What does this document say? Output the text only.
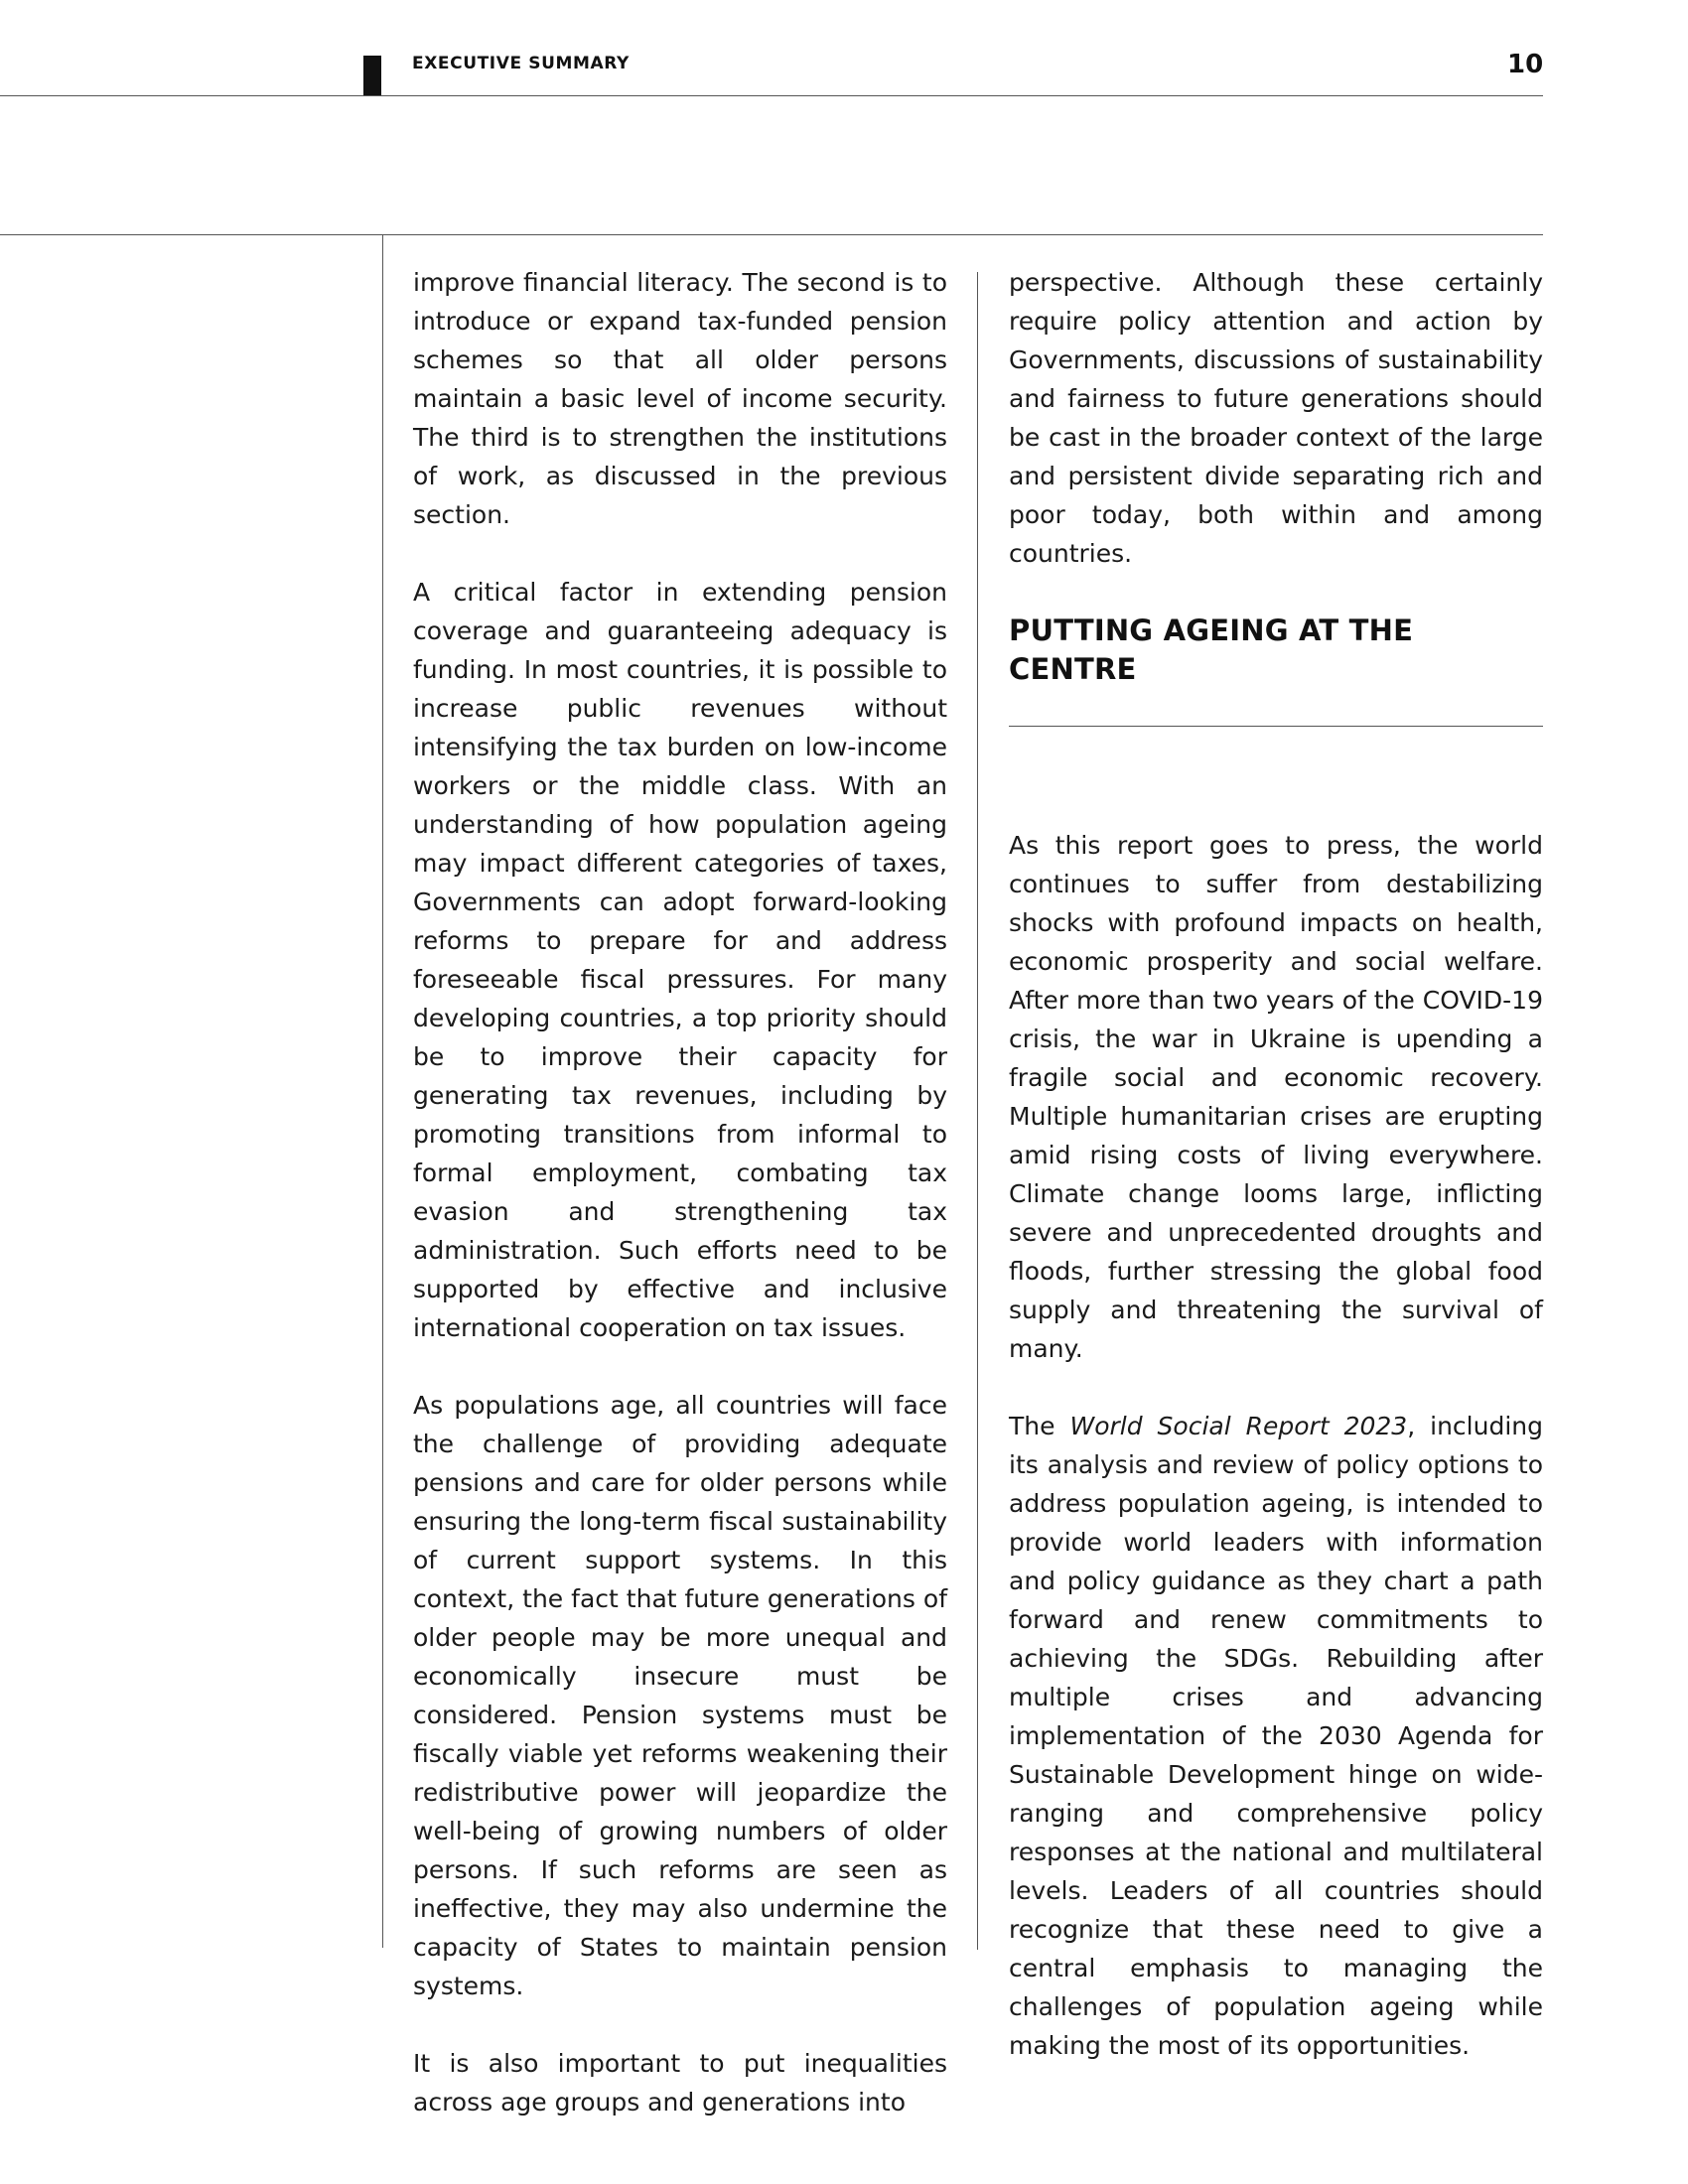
EXECUTIVE SUMMARY	10

improve financial literacy. The second is to introduce or expand tax-funded pension schemes so that all older persons maintain a basic level of income security. The third is to strengthen the institutions of work, as discussed in the previous section.

A critical factor in extending pension coverage and guaranteeing adequacy is funding. In most countries, it is possible to increase public revenues without intensifying the tax burden on low-income workers or the middle class. With an understanding of how population ageing may impact different categories of taxes, Governments can adopt forward-looking reforms to prepare for and address foreseeable fiscal pressures. For many developing countries, a top priority should be to improve their capacity for generating tax revenues, including by promoting transitions from informal to formal employment, combating tax evasion and strengthening tax administration. Such efforts need to be supported by effective and inclusive international cooperation on tax issues.

As populations age, all countries will face the challenge of providing adequate pensions and care for older persons while ensuring the long-term fiscal sustainability of current support systems. In this context, the fact that future generations of older people may be more unequal and economically insecure must be considered. Pension systems must be fiscally viable yet reforms weakening their redistributive power will jeopardize the well-being of growing numbers of older persons. If such reforms are seen as ineffective, they may also undermine the capacity of States to maintain pension systems.

It is also important to put inequalities across age groups and generations into

perspective. Although these certainly require policy attention and action by Governments, discussions of sustainability and fairness to future generations should be cast in the broader context of the large and persistent divide separating rich and poor today, both within and among countries.

PUTTING AGEING AT THE CENTRE

As this report goes to press, the world continues to suffer from destabilizing shocks with profound impacts on health, economic prosperity and social welfare. After more than two years of the COVID-19 crisis, the war in Ukraine is upending a fragile social and economic recovery. Multiple humanitarian crises are erupting amid rising costs of living everywhere. Climate change looms large, inflicting severe and unprecedented droughts and floods, further stressing the global food supply and threatening the survival of many.

The World Social Report 2023, including its analysis and review of policy options to address population ageing, is intended to provide world leaders with information and policy guidance as they chart a path forward and renew commitments to achieving the SDGs. Rebuilding after multiple crises and advancing implementation of the 2030 Agenda for Sustainable Development hinge on wide-ranging and comprehensive policy responses at the national and multilateral levels. Leaders of all countries should recognize that these need to give a central emphasis to managing the challenges of population ageing while making the most of its opportunities.
